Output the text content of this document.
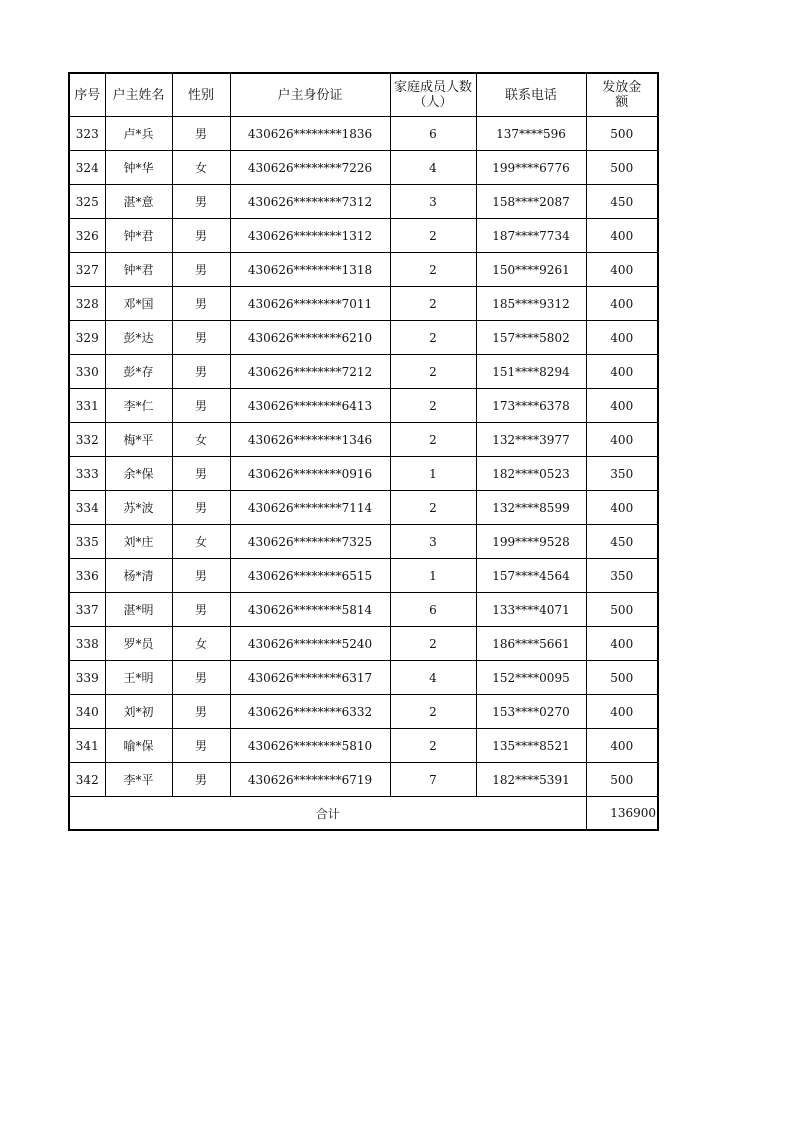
序号	户主姓名	性别	户主身份证	家庭成员人数（人）	联系电话	发放金额
323	卢*兵	男	430626********1836	6	137****596	500
324	钟*华	女	430626********7226	4	199****6776	500
325	湛*意	男	430626********7312	3	158****2087	450
326	钟*君	男	430626********1312	2	187****7734	400
327	钟*君	男	430626********1318	2	150****9261	400
328	邓*国	男	430626********7011	2	185****9312	400
329	彭*达	男	430626********6210	2	157****5802	400
330	彭*存	男	430626********7212	2	151****8294	400
331	李*仁	男	430626********6413	2	173****6378	400
332	梅*平	女	430626********1346	2	132****3977	400
333	余*保	男	430626********0916	1	182****0523	350
334	苏*波	男	430626********7114	2	132****8599	400
335	刘*庄	女	430626********7325	3	199****9528	450
336	杨*清	男	430626********6515	1	157****4564	350
337	湛*明	男	430626********5814	6	133****4071	500
338	罗*员	女	430626********5240	2	186****5661	400
339	王*明	男	430626********6317	4	152****0095	500
340	刘*初	男	430626********6332	2	153****0270	400
341	喻*保	男	430626********5810	2	135****8521	400
342	李*平	男	430626********6719	7	182****5391	500
合计						136900
